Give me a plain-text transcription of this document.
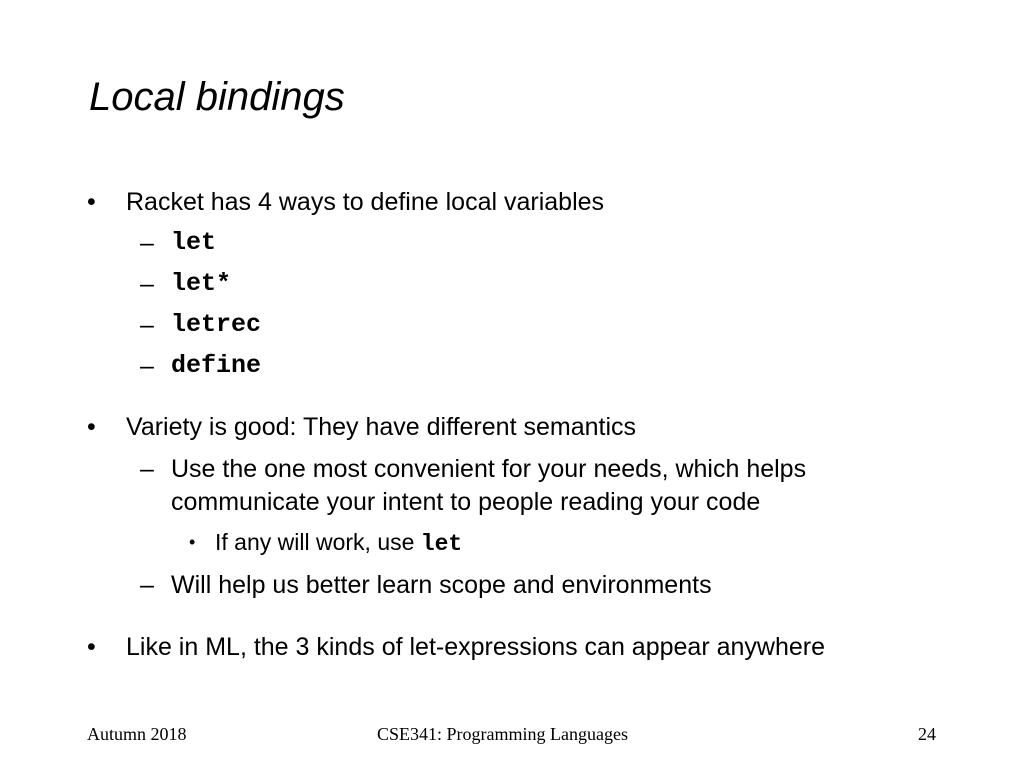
Local bindings
• Racket has 4 ways to define local variables
– let
– let*
– letrec
– define
• Variety is good: They have different semantics
– Use the one most convenient for your needs, which helps
communicate your intent to people reading your code
• If any will work, use let
– Will help us better learn scope and environments
• Like in ML, the 3 kinds of let-expressions can appear anywhere
Autumn 2018	CSE341: Programming Languages	24
